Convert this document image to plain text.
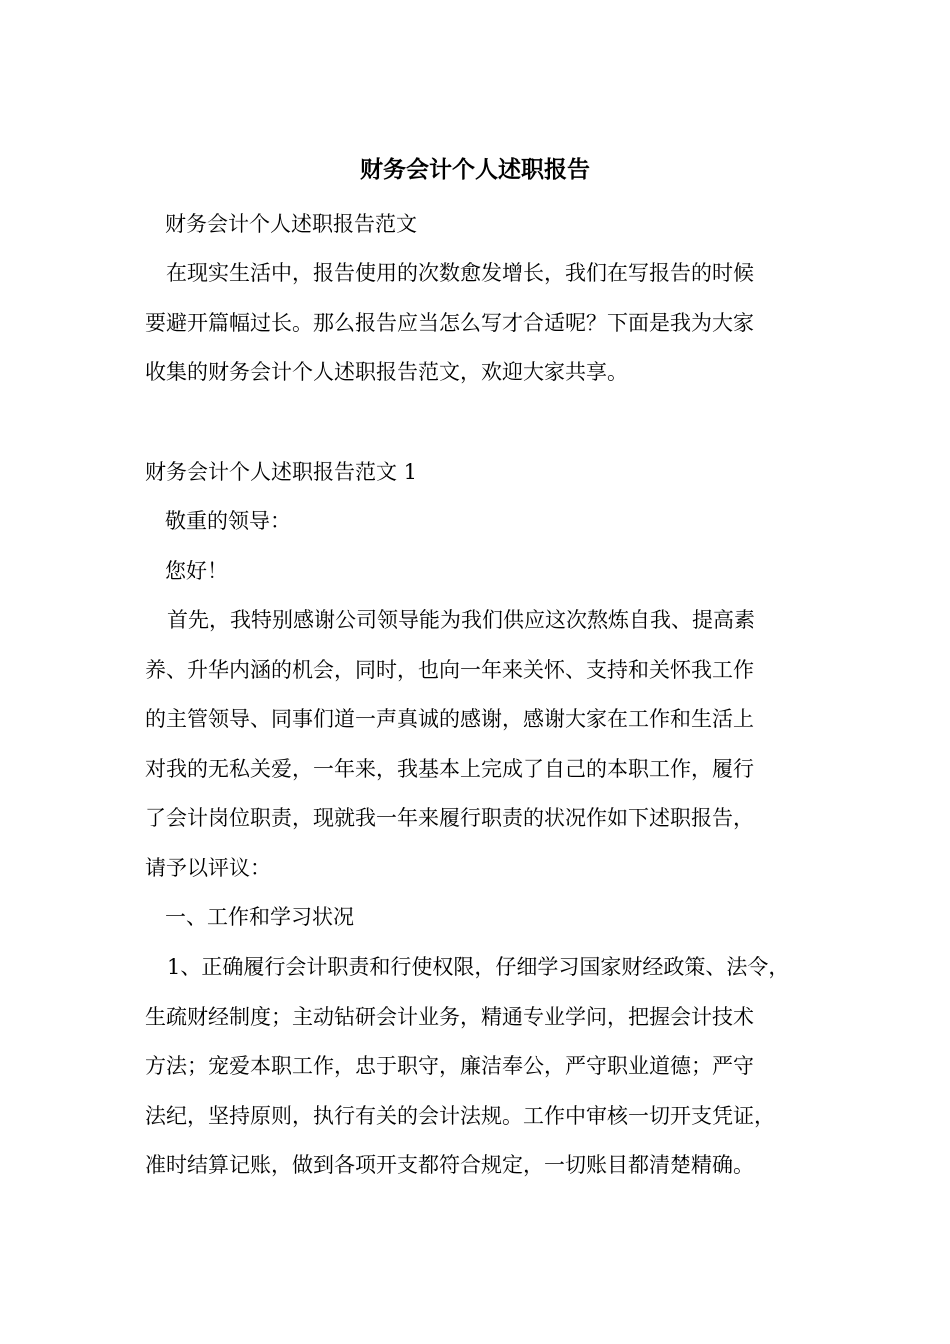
财务会计个人述职报告

财务会计个人述职报告范文

　在现实生活中，报告使用的次数愈发增长，我们在写报告的时候
要避开篇幅过长。那么报告应当怎么写才合适呢？下面是我为大家
收集的财务会计个人述职报告范文，欢迎大家共享。

财务会计个人述职报告范文 1

敬重的领导：

您好！

首先，我特别感谢公司领导能为我们供应这次熬炼自我、提高素
养、升华内涵的机会，同时，也向一年来关怀、支持和关怀我工作
的主管领导、同事们道一声真诚的感谢，感谢大家在工作和生活上
对我的无私关爱，一年来，我基本上完成了自己的本职工作，履行
了会计岗位职责，现就我一年来履行职责的状况作如下述职报告，
请予以评议：

一、工作和学习状况

1、正确履行会计职责和行使权限，仔细学习国家财经政策、法令，
生疏财经制度；主动钻研会计业务，精通专业学问，把握会计技术
方法；宠爱本职工作，忠于职守，廉洁奉公，严守职业道德；严守
法纪，坚持原则，执行有关的会计法规。工作中审核一切开支凭证，
准时结算记账，做到各项开支都符合规定，一切账目都清楚精确。
